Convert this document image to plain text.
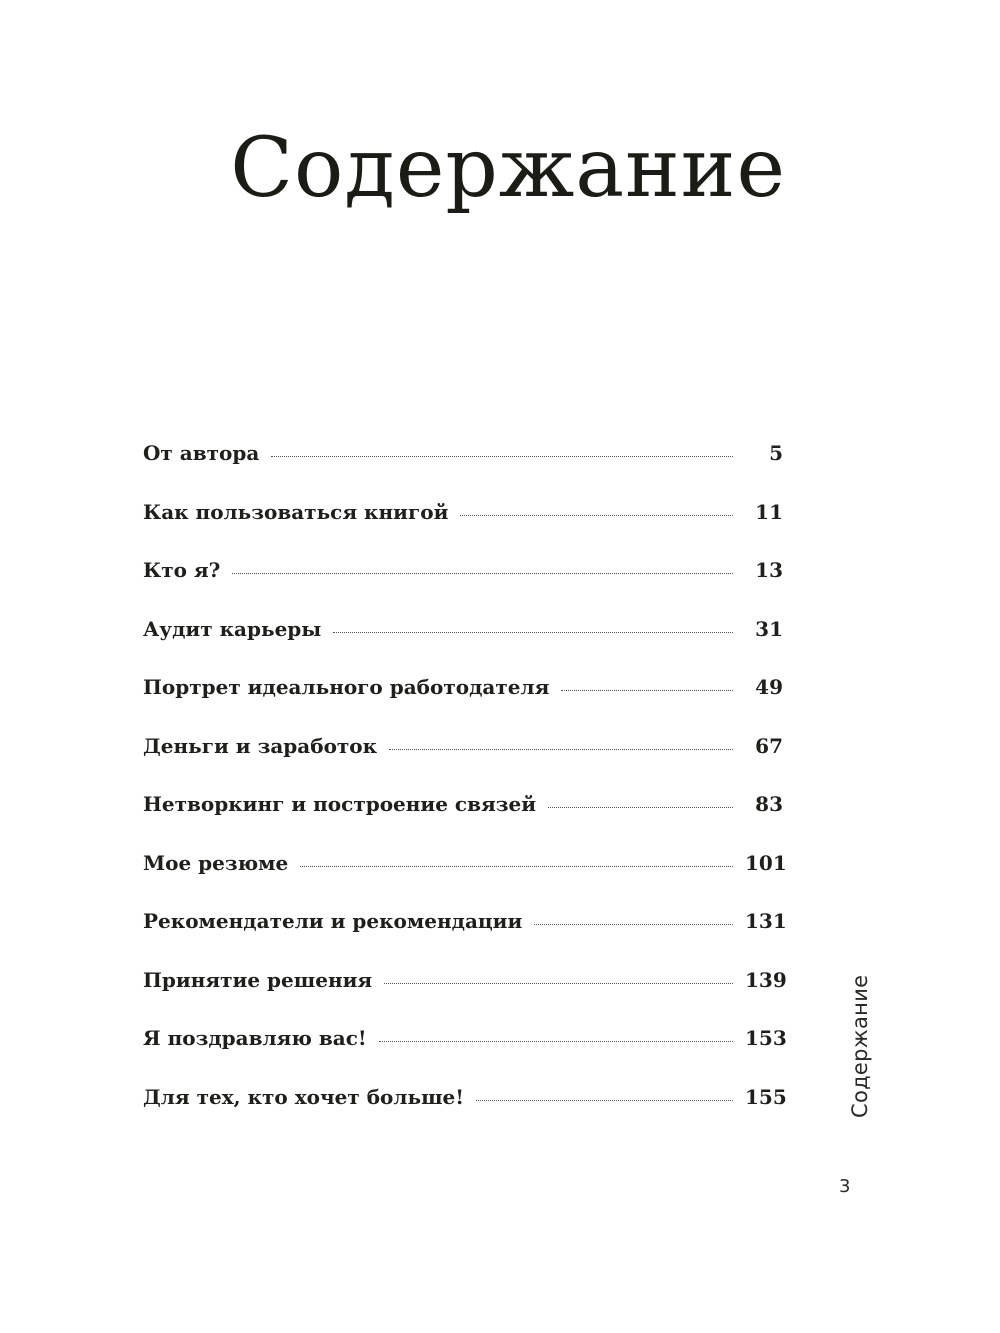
Содержание
От автора	5
Как пользоваться книгой	11
Кто я?	13
Аудит карьеры	31
Портрет идеального работодателя	49
Деньги и заработок	67
Нетворкинг и построение связей	83
Мое резюме	101
Рекомендатели и рекомендации	131
Принятие решения	139
Я поздравляю вас!	153
Для тех, кто хочет больше!	155	Содержание
3
